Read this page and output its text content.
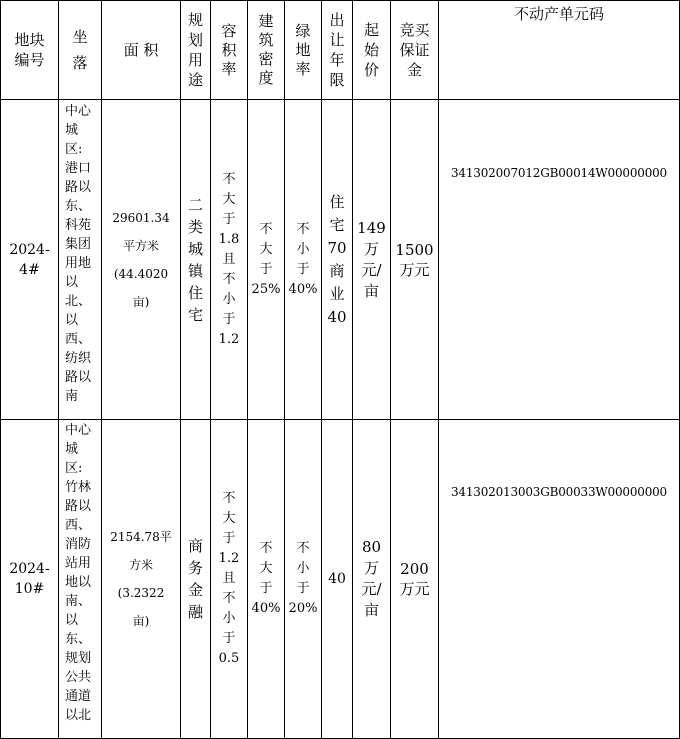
地块
编号
坐
落
面 积
规
划
用
途
容
积
率
建
筑
密
度
绿
地
率
出
让
年
限
起
始
价
竞买
保证
金
不动产单元码
2024-
4#
中心
城
区:
港口
路以
东、
科苑
集团
用地
以
北、
以
西、
纺织
路以
南
29601.34
平方米
(44.4020
亩)
二
类
城
镇
住
宅
不
大
于
1.8
且
不
小
于
1.2
不
大
于
25%
不
小
于
40%
住
宅
70
商
业
40
149
万
元/
亩
1500
万元
341302007012GB00014W00000000
2024-
10#
中心
城
区:
竹林
路以
西、
消防
站用
地以
南、
以
东、
规划
公共
通道
以北
2154.78平
方米
(3.2322
亩)
商
务
金
融
不
大
于
1.2
且
不
小
于
0.5
不
大
于
40%
不
小
于
20%
40
80
万
元/
亩
200
万元
341302013003GB00033W00000000
